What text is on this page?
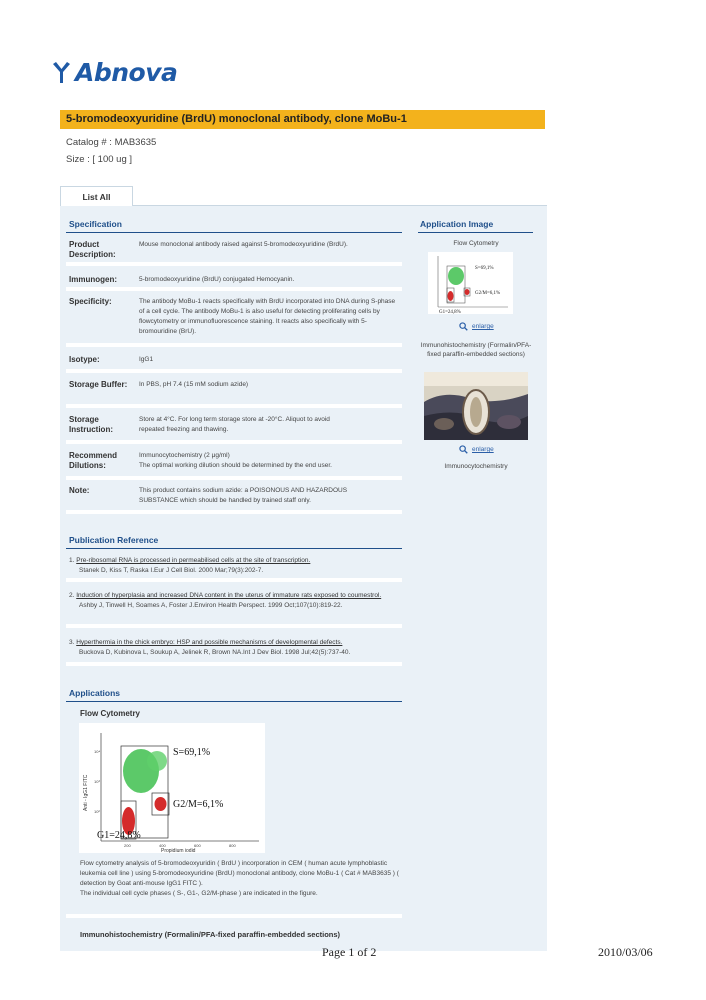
Abnova
5-bromodeoxyuridine (BrdU) monoclonal antibody, clone MoBu-1
Catalog # : MAB3635
Size : [ 100 ug ]
List All
Specification
Product Description:
Mouse monoclonal antibody raised against 5-bromodeoxyuridine (BrdU).
Immunogen:	5-bromodeoxyuridine (BrdU) conjugated Hemocyanin.
Specificity:	The antibody MoBu-1 reacts specifically with BrdU incorporated into DNA during S-phase of a cell cycle. The antibody MoBu-1 is also useful for detecting proliferating cells by flowcytometry or immunofluorescence staining. It reacts also specifically with 5-bromouridine (BrU).
Isotype:	IgG1
Storage Buffer:	In PBS, pH 7.4 (15 mM sodium azide)
Storage Instruction:
Store at 4°C. For long term storage store at -20°C. Aliquot to avoid repeated freezing and thawing.
Recommend Dilutions:
Immunocytochemistry (2 μg/ml)
The optimal working dilution should be determined by the end user.
Note:	This product contains sodium azide: a POISONOUS AND HAZARDOUS SUBSTANCE which should be handled by trained staff only.
Application Image
Flow Cytometry
S=69,1%
G2/M=6,1%
G1=24,8%
enlarge
Immunohistochemistry (Formalin/PFA-fixed paraffin-embedded sections)
enlarge
Immunocytochemistry
Publication Reference
1. Pre-ribosomal RNA is processed in permeabilised cells at the site of transcription.
Stanek D, Kiss T, Raska I.Eur J Cell Biol. 2000 Mar;79(3):202-7.
2. Induction of hyperplasia and increased DNA content in the uterus of immature rats exposed to coumestrol.
Ashby J, Tinwell H, Soames A, Foster J.Environ Health Perspect. 1999 Oct;107(10):819-22.
3. Hyperthermia in the chick embryo: HSP and possible mechanisms of developmental defects.
Buckova D, Kubinova L, Soukup A, Jelinek R, Brown NA.Int J Dev Biol. 1998 Jul;42(5):737-40.
Applications
Flow Cytometry
10⁴
10³
10²
200	400	600	800
S=69,1%
G2/M=6,1%
G1=24,8%
Anti - IgG1 FITC
Propidium iodid
Flow cytometry analysis of 5-bromodeoxyuridin ( BrdU ) incorporation in CEM ( human acute lymphoblastic leukemia cell line ) using 5-bromodeoxyuridine (BrdU) monoclonal antibody, clone MoBu-1 ( Cat # MAB3635 ) ( detection by Goat anti-mouse IgG1 FITC ).
The individual cell cycle phases ( S-, G1-, G2/M-phase ) are indicated in the figure.
Immunohistochemistry (Formalin/PFA-fixed paraffin-embedded sections)
Page 1 of 2	2010/03/06
